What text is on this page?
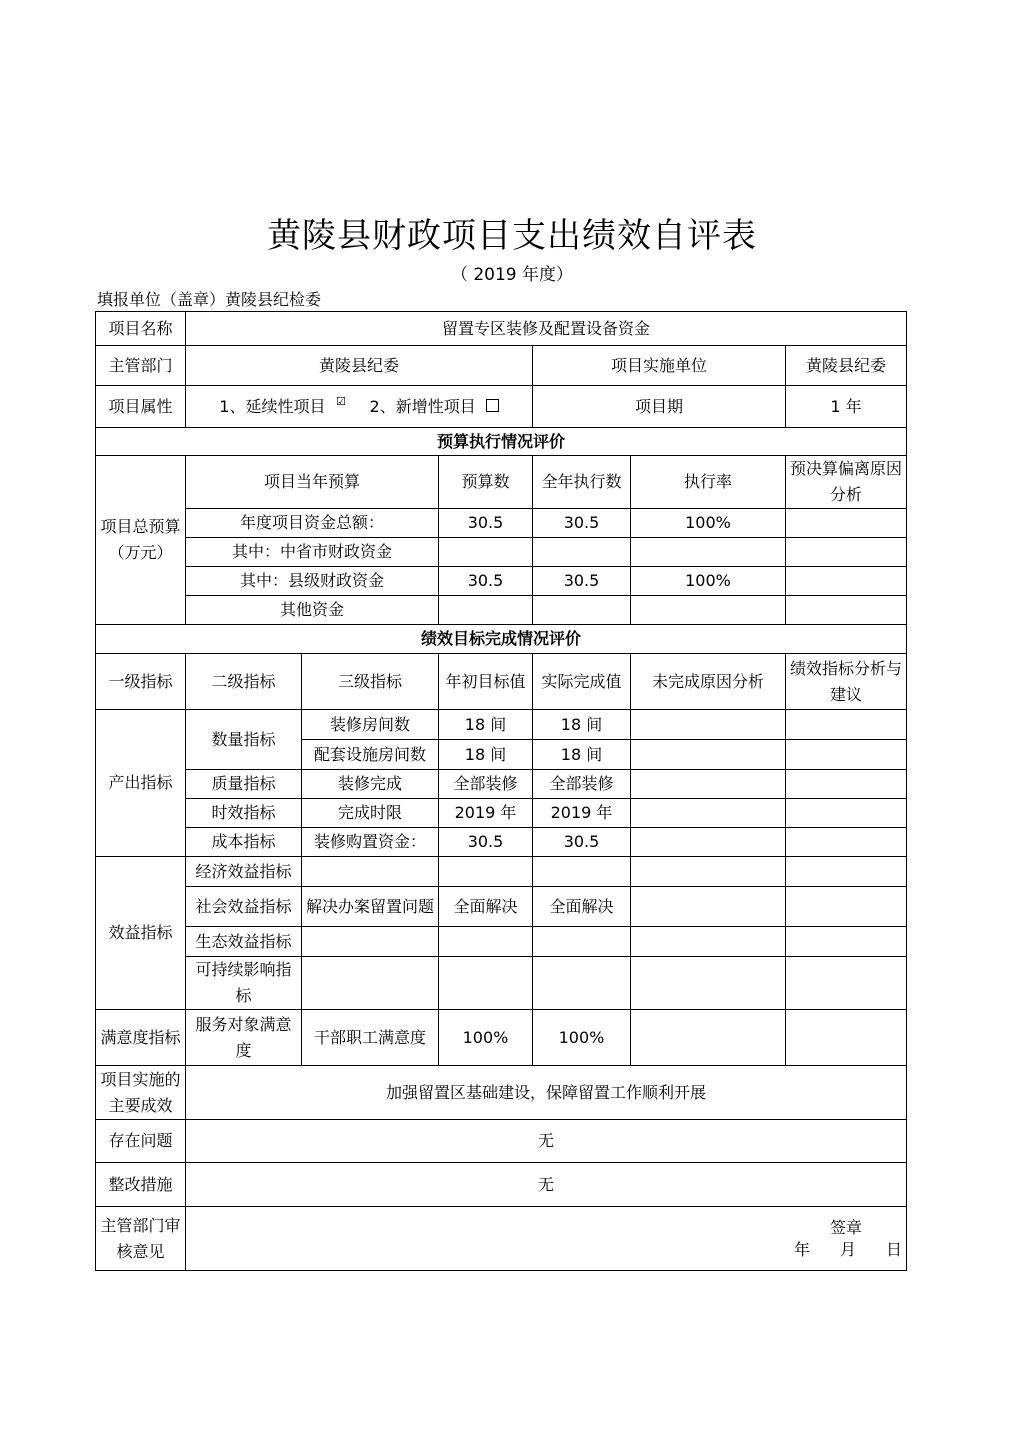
黄陵县财政项目支出绩效自评表
（ 2019 年度）
填报单位（盖章）黄陵县纪检委
项目名称	留置专区装修及配置设备资金					
主管部门	黄陵县纪委			项目实施单位		黄陵县纪委
项目属性	1、延续性项目 ☑ 2、新增性项目			项目期		1 年
预算执行情况评价						
项目总预算（万元）	项目当年预算		预算数	全年执行数	执行率	预决算偏离原因分析
	年度项目资金总额：		30.5	30.5	100%	
	其中：中省市财政资金					
	其中：县级财政资金		30.5	30.5	100%	
	其他资金					
绩效目标完成情况评价						
一级指标	二级指标	三级指标	年初目标值	实际完成值	未完成原因分析	绩效指标分析与建议
产出指标	数量指标	装修房间数	18 间	18 间		
		配套设施房间数	18 间	18 间		
	质量指标	装修完成	全部装修	全部装修		
	时效指标	完成时限	2019 年	2019 年		
	成本指标	装修购置资金：	30.5	30.5		
效益指标	经济效益指标					
	社会效益指标	解决办案留置问题	全面解决	全面解决		
	生态效益指标					
	可持续影响指标					
满意度指标	服务对象满意度	干部职工满意度	100%	100%		
项目实施的主要成效	加强留置区基础建设，保障留置工作顺利开展					
存在问题	无					
整改措施	无					
主管部门审核意见	签章
年 月 日					
